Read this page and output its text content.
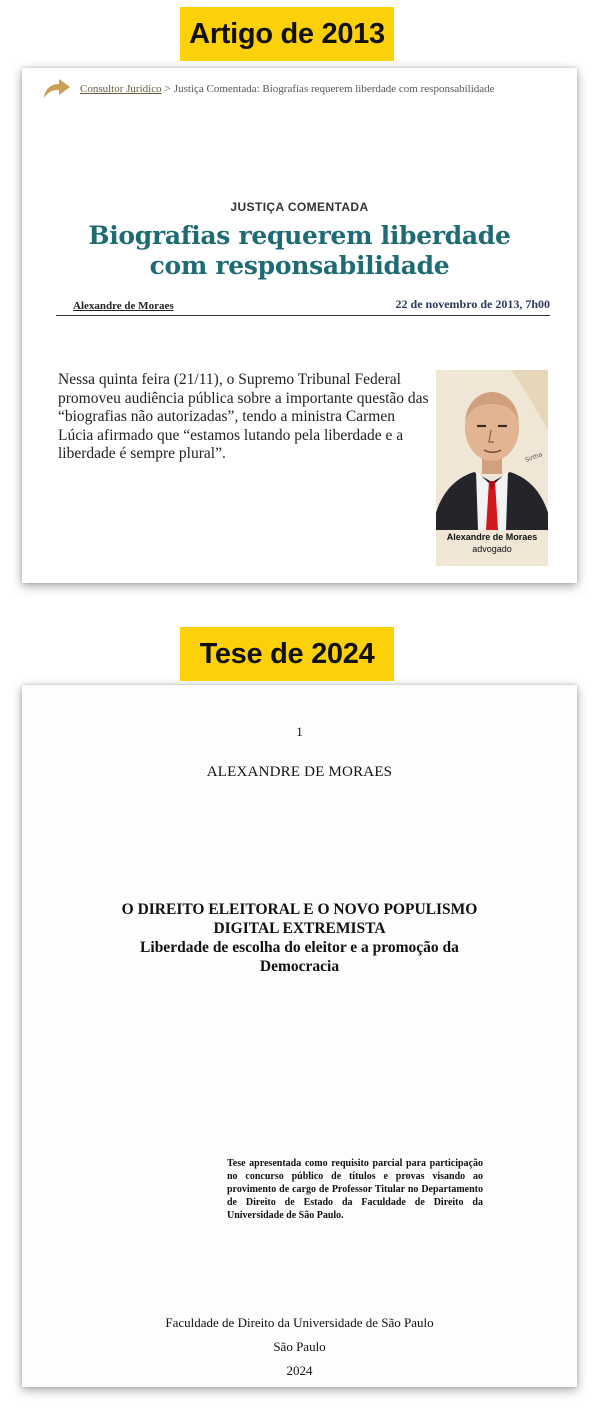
Artigo de 2013
Consultor Jurídico > Justiça Comentada: Biografias requerem liberdade com responsabilidade
JUSTIÇA COMENTADA
Biografias requerem liberdade com responsabilidade
Alexandre de Moraes	22 de novembro de 2013, 7h00
Nessa quinta feira (21/11), o Supremo Tribunal Federal promoveu audiência pública sobre a importante questão das “biografias não autorizadas”, tendo a ministra Carmen Lúcia afirmado que “estamos lutando pela liberdade e a liberdade é sempre plural”.	Sirtha
Alexandre de Moraes
advogado
Tese de 2024
1
ALEXANDRE DE MORAES
O DIREITO ELEITORAL E O NOVO POPULISMO DIGITAL EXTREMISTA
Liberdade de escolha do eleitor e a promoção da Democracia
Tese apresentada como requisito parcial para participação no concurso público de títulos e provas visando ao provimento de cargo de Professor Titular no Departamento de Direito de Estado da Faculdade de Direito da Universidade de São Paulo.
Faculdade de Direito da Universidade de São Paulo
São Paulo
2024
